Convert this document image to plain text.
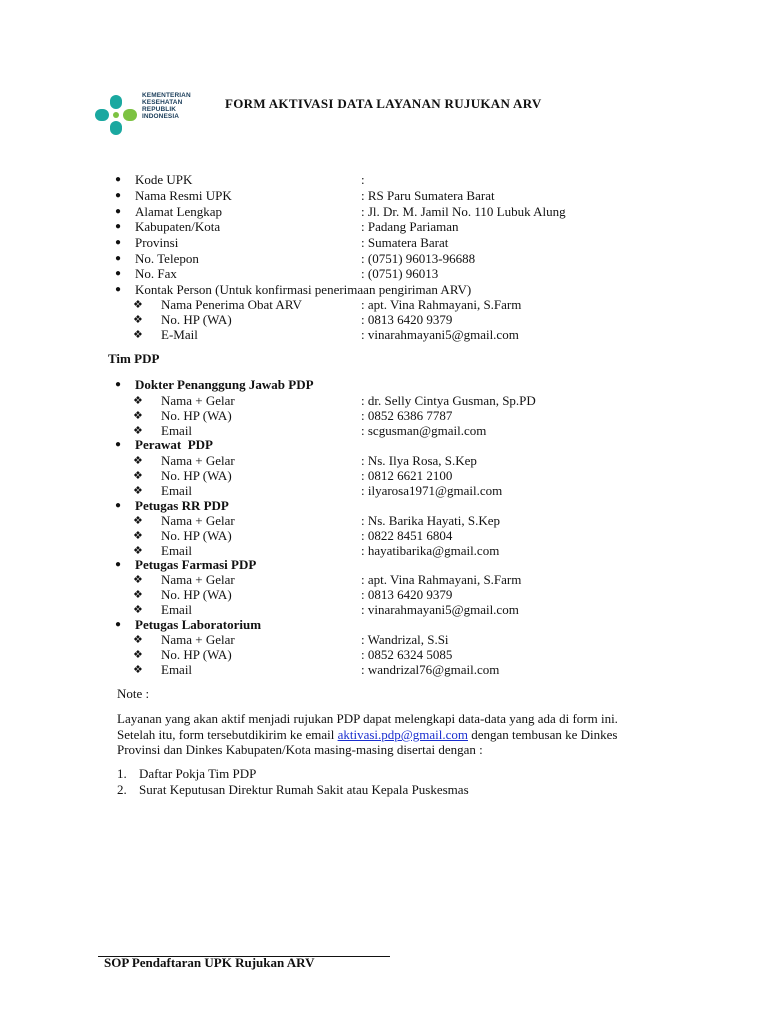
KEMENTERIAN
KESEHATAN
REPUBLIK
INDONESIA
FORM AKTIVASI DATA LAYANAN RUJUKAN ARV
● Kode UPK	:
● Nama Resmi UPK	: RS Paru Sumatera Barat
● Alamat Lengkap	: Jl. Dr. M. Jamil No. 110 Lubuk Alung
● Kabupaten/Kota	: Padang Pariaman
● Provinsi	: Sumatera Barat
● No. Telepon	: (0751) 96013-96688
● No. Fax	: (0751) 96013
● Kontak Person (Untuk konfirmasi penerimaan pengiriman ARV)
❖ Nama Penerima Obat ARV	: apt. Vina Rahmayani, S.Farm
❖ No. HP (WA)	: 0813 6420 9379
❖ E-Mail	: vinarahmayani5@gmail.com
Tim PDP
● Dokter Penanggung Jawab PDP
❖ Nama + Gelar	: dr. Selly Cintya Gusman, Sp.PD
❖ No. HP (WA)	: 0852 6386 7787
❖ Email	: scgusman@gmail.com
● Perawat  PDP
❖ Nama + Gelar	: Ns. Ilya Rosa, S.Kep
❖ No. HP (WA)	: 0812 6621 2100
❖ Email	: ilyarosa1971@gmail.com
● Petugas RR PDP
❖ Nama + Gelar	: Ns. Barika Hayati, S.Kep
❖ No. HP (WA)	: 0822 8451 6804
❖ Email	: hayatibarika@gmail.com
● Petugas Farmasi PDP
❖ Nama + Gelar	: apt. Vina Rahmayani, S.Farm
❖ No. HP (WA)	: 0813 6420 9379
❖ Email	: vinarahmayani5@gmail.com
● Petugas Laboratorium
❖ Nama + Gelar	: Wandrizal, S.Si
❖ No. HP (WA)	: 0852 6324 5085
❖ Email	: wandrizal76@gmail.com
Note :
Layanan yang akan aktif menjadi rujukan PDP dapat melengkapi data-data yang ada di form ini.
Setelah itu, form tersebutdikirim ke email aktivasi.pdp@gmail.com dengan tembusan ke Dinkes
Provinsi dan Dinkes Kabupaten/Kota masing-masing disertai dengan :
1. Daftar Pokja Tim PDP
2. Surat Keputusan Direktur Rumah Sakit atau Kepala Puskesmas
SOP Pendaftaran UPK Rujukan ARV
